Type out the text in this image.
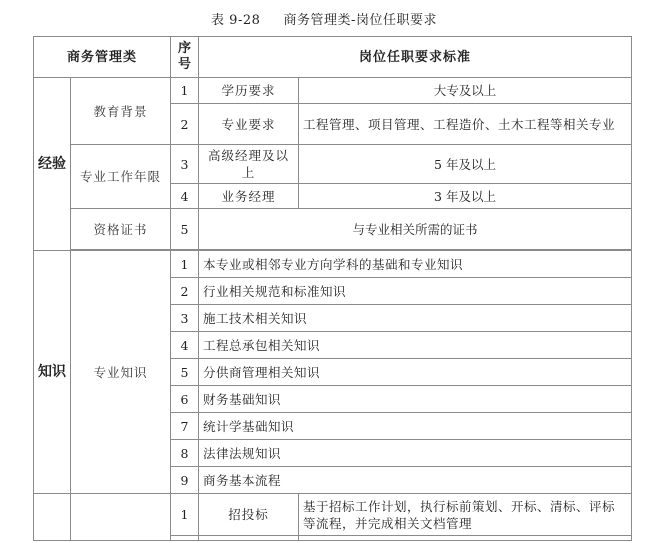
表 9-28     商务管理类-岗位任职要求
商务管理类		序号	岗位任职要求标准	

经验	教育背景	1	学历要求	大专及以上
		2	专业要求	工程管理、项目管理、工程造价、土木工程等相关专业
	专业工作年限	3	高级经理及以上	5 年及以上
		4	业务经理	3 年及以上
	资格证书	5	与专业相关所需的证书	

知识	专业知识	1	本专业或相邻专业方向学科的基础和专业知识	
		2	行业相关规范和标准知识	
		3	施工技术相关知识	
		4	工程总承包相关知识	
		5	分供商管理相关知识	
		6	财务基础知识	
		7	统计学基础知识	
		8	法律法规知识	
		9	商务基本流程	
		1	招投标	基于招标工作计划，执行标前策划、开标、清标、评标等流程，并完成相关文档管理
